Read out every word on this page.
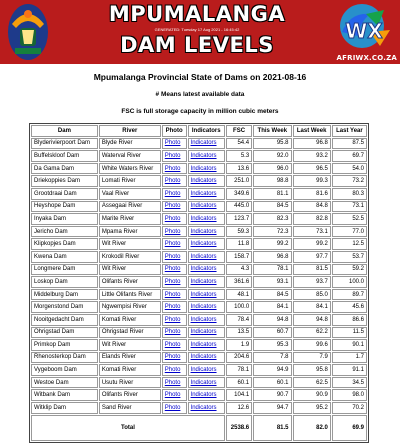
MPUMALANGA
GENERATED: Tuesday 17 Aug 2021 - 16:45:42
DAM LEVELS
WX
AFRIWX.CO.ZA
Mpumalanga Provincial State of Dams on 2021-08-16
# Means latest available data
FSC is full storage capacity in million cubic meters
Dam	River	Photo	Indicators	FSC	This Week	Last Week	Last Year
Blyderivierpoort Dam	Blyde River	Photo	Indicators	54.4	95.8	96.8	87.5
Buffelskloof Dam	Waterval River	Photo	Indicators	5.3	92.0	93.2	69.7
Da Gama Dam	White Waters River	Photo	Indicators	13.6	96.0	96.5	54.0
Driekoppies Dam	Lomati River	Photo	Indicators	251.0	98.8	99.3	73.2
Grootdraai Dam	Vaal River	Photo	Indicators	349.6	81.1	81.6	80.3
Heyshope Dam	Assegaai River	Photo	Indicators	445.0	84.5	84.8	73.1
Inyaka Dam	Marite River	Photo	Indicators	123.7	82.3	82.8	52.5
Jericho Dam	Mpama River	Photo	Indicators	59.3	72.3	73.1	77.0
Klipkopjes Dam	Wit River	Photo	Indicators	11.8	99.2	99.2	12.5
Kwena Dam	Krokodil River	Photo	Indicators	158.7	96.8	97.7	53.7
Longmere Dam	Wit River	Photo	Indicators	4.3	78.1	81.5	59.2
Loskop Dam	Olifants River	Photo	Indicators	361.6	93.1	93.7	100.0
Middelburg Dam	Little Olifants River	Photo	Indicators	48.1	84.5	85.0	89.7
Morgenstond Dam	Ngwempisi River	Photo	Indicators	100.0	84.1	84.1	45.6
Nooitgedacht Dam	Komati River	Photo	Indicators	78.4	94.8	94.8	86.6
Ohrigstad Dam	Ohrigstad River	Photo	Indicators	13.5	60.7	62.2	11.5
Primkop Dam	Wit River	Photo	Indicators	1.9	95.3	99.6	90.1
Rhenosterkop Dam	Elands River	Photo	Indicators	204.6	7.8	7.9	1.7
Vygeboom Dam	Komati River	Photo	Indicators	78.1	94.9	95.8	91.1
Westoe Dam	Usutu River	Photo	Indicators	60.1	60.1	62.5	34.5
Witbank Dam	Olifants River	Photo	Indicators	104.1	90.7	90.9	98.0
Witklip Dam	Sand River	Photo	Indicators	12.6	94.7	95.2	70.2
Total				2538.6	81.5	82.0	69.9
